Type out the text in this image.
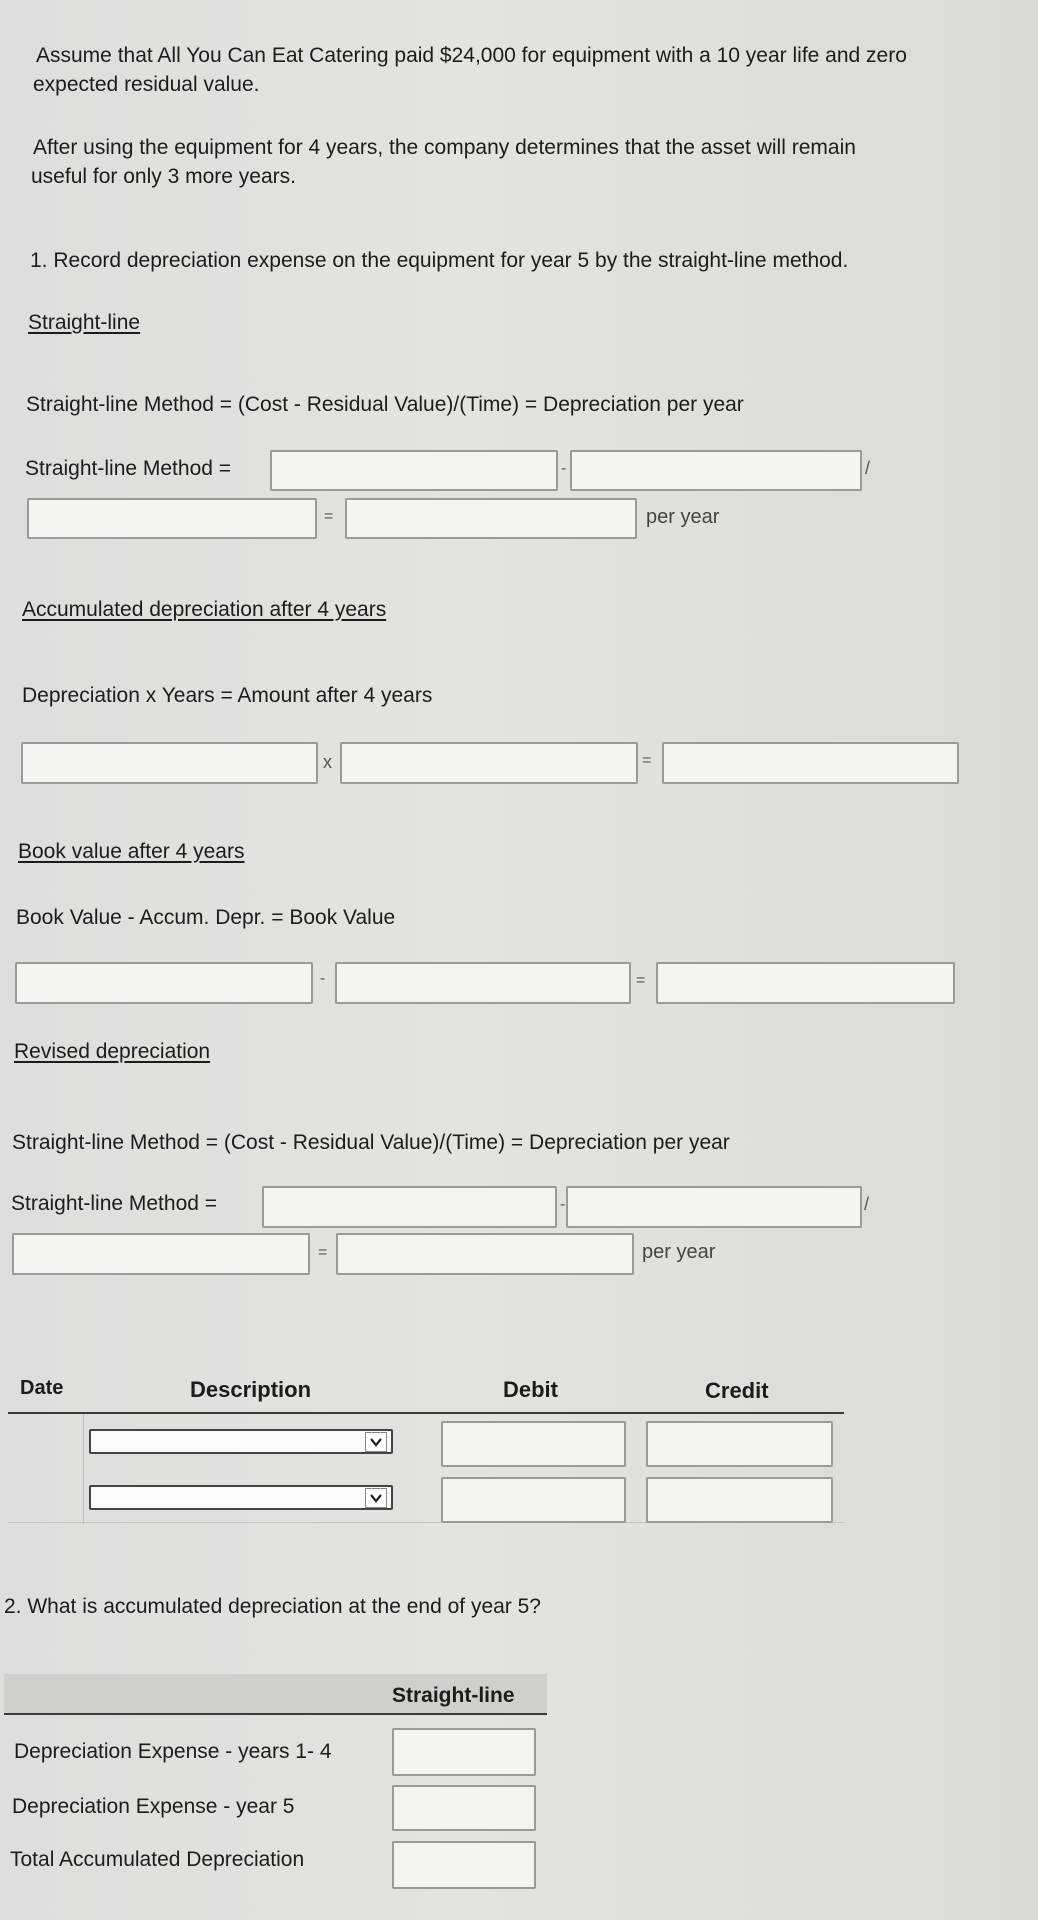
Assume that All You Can Eat Catering paid $24,000 for equipment with a 10 year life and zero
expected residual value.
After using the equipment for 4 years, the company determines that the asset will remain
useful for only 3 more years.
1. Record depreciation expense on the equipment for year 5 by the straight-line method.
Straight-line
Straight-line Method = (Cost - Residual Value)/(Time) = Depreciation per year
Straight-line Method =	-	/
=	per year
Accumulated depreciation after 4 years
Depreciation x Years = Amount after 4 years
x	=
Book value after 4 years
Book Value - Accum. Depr. = Book Value
-	=
Revised depreciation
Straight-line Method = (Cost - Residual Value)/(Time) = Depreciation per year
Straight-line Method =	-	/
=	per year
Date	Description	Debit	Credit
2. What is accumulated depreciation at the end of year 5?
Straight-line
Depreciation Expense - years 1- 4
Depreciation Expense - year 5
Total Accumulated Depreciation
